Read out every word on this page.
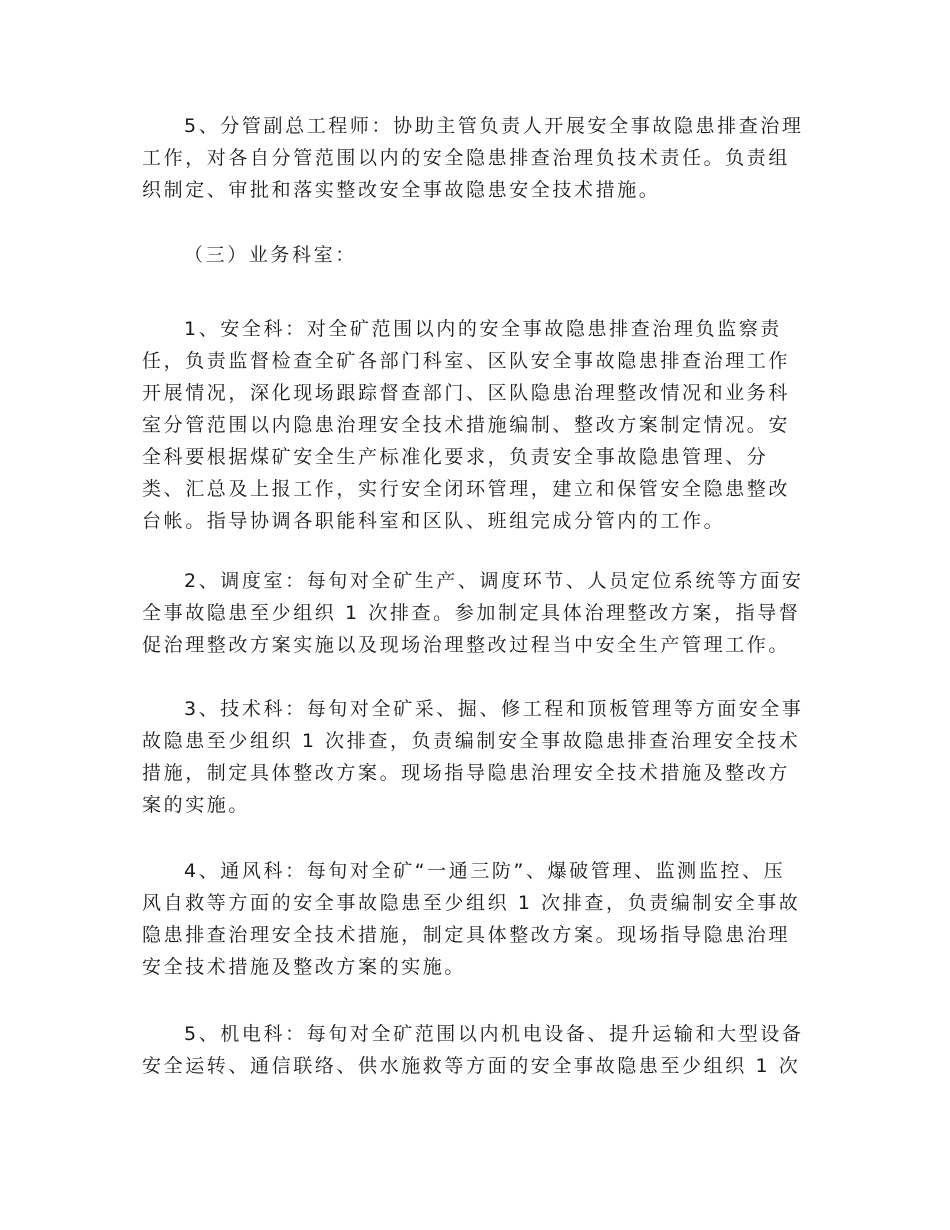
5、分管副总工程师：协助主管负责人开展安全事故隐患排查治理
工作，对各自分管范围以内的安全隐患排查治理负技术责任。负责组
织制定、审批和落实整改安全事故隐患安全技术措施。
（三）业务科室：
1、安全科：对全矿范围以内的安全事故隐患排查治理负监察责
任，负责监督检查全矿各部门科室、区队安全事故隐患排查治理工作
开展情况，深化现场跟踪督查部门、区队隐患治理整改情况和业务科
室分管范围以内隐患治理安全技术措施编制、整改方案制定情况。安
全科要根据煤矿安全生产标准化要求，负责安全事故隐患管理、分
类、汇总及上报工作，实行安全闭环管理，建立和保管安全隐患整改
台帐。指导协调各职能科室和区队、班组完成分管内的工作。
2、调度室：每旬对全矿生产、调度环节、人员定位系统等方面安
全事故隐患至少组织 1 次排查。参加制定具体治理整改方案，指导督
促治理整改方案实施以及现场治理整改过程当中安全生产管理工作。
3、技术科：每旬对全矿采、掘、修工程和顶板管理等方面安全事
故隐患至少组织 1 次排查，负责编制安全事故隐患排查治理安全技术
措施，制定具体整改方案。现场指导隐患治理安全技术措施及整改方
案的实施。
4、通风科：每旬对全矿“一通三防”、爆破管理、监测监控、压
风自救等方面的安全事故隐患至少组织 1 次排查，负责编制安全事故
隐患排查治理安全技术措施，制定具体整改方案。现场指导隐患治理
安全技术措施及整改方案的实施。
5、机电科：每旬对全矿范围以内机电设备、提升运输和大型设备
安全运转、通信联络、供水施救等方面的安全事故隐患至少组织 1 次
